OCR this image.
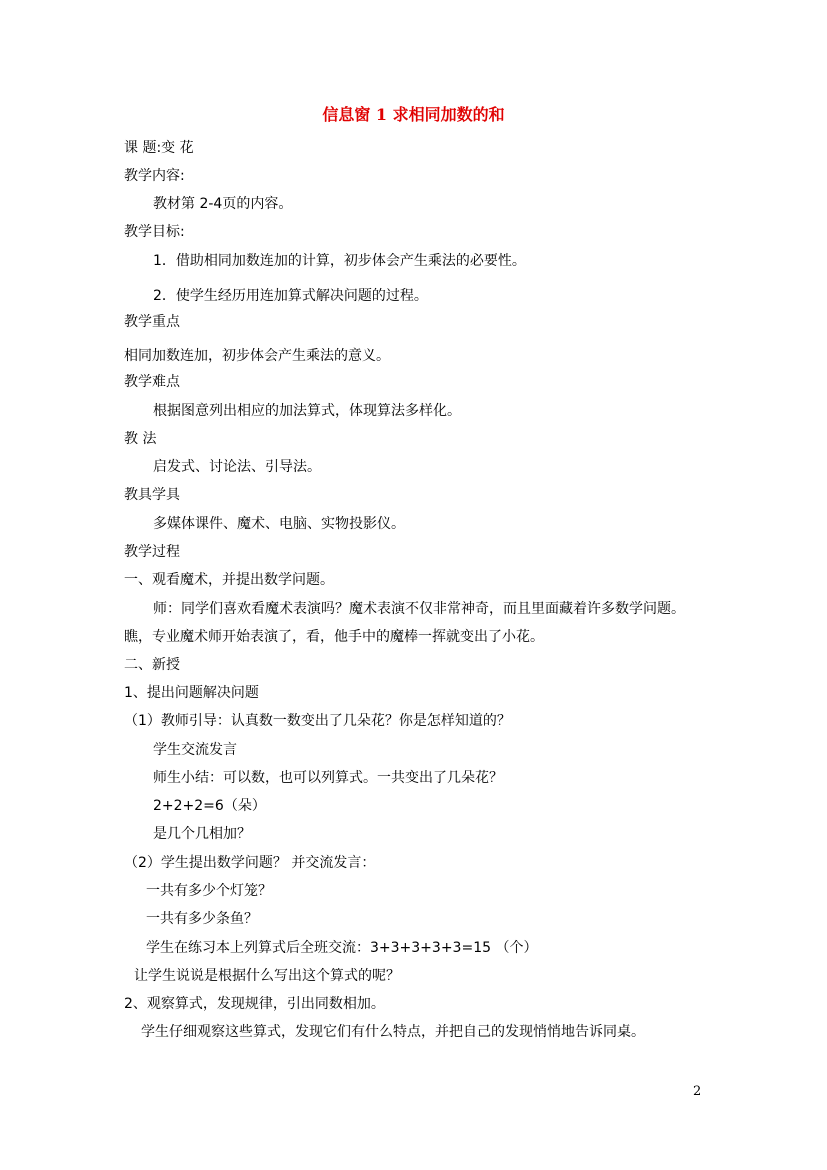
信息窗 1 求相同加数的和
课 题:变 花
教学内容:
教材第 2-4页的内容。
教学目标:
1．借助相同加数连加的计算，初步体会产生乘法的必要性。
2．使学生经历用连加算式解决问题的过程。
教学重点
相同加数连加，初步体会产生乘法的意义。
教学难点
根据图意列出相应的加法算式，体现算法多样化。
教 法
启发式、讨论法、引导法。
教具学具
多媒体课件、魔术、电脑、实物投影仪。
教学过程
一、观看魔术，并提出数学问题。
师：同学们喜欢看魔术表演吗？魔术表演不仅非常神奇，而且里面藏着许多数学问题。
瞧，专业魔术师开始表演了，看，他手中的魔棒一挥就变出了小花。
二、新授
1、提出问题解决问题
（1）教师引导：认真数一数变出了几朵花？你是怎样知道的？
学生交流发言
师生小结：可以数，也可以列算式。一共变出了几朵花？
2+2+2=6（朵）
是几个几相加？
（2）学生提出数学问题？ 并交流发言：
一共有多少个灯笼？
一共有多少条鱼？
学生在练习本上列算式后全班交流：3+3+3+3+3=15 （个）
让学生说说是根据什么写出这个算式的呢？
2、观察算式，发现规律，引出同数相加。
学生仔细观察这些算式，发现它们有什么特点，并把自己的发现悄悄地告诉同桌。
2
